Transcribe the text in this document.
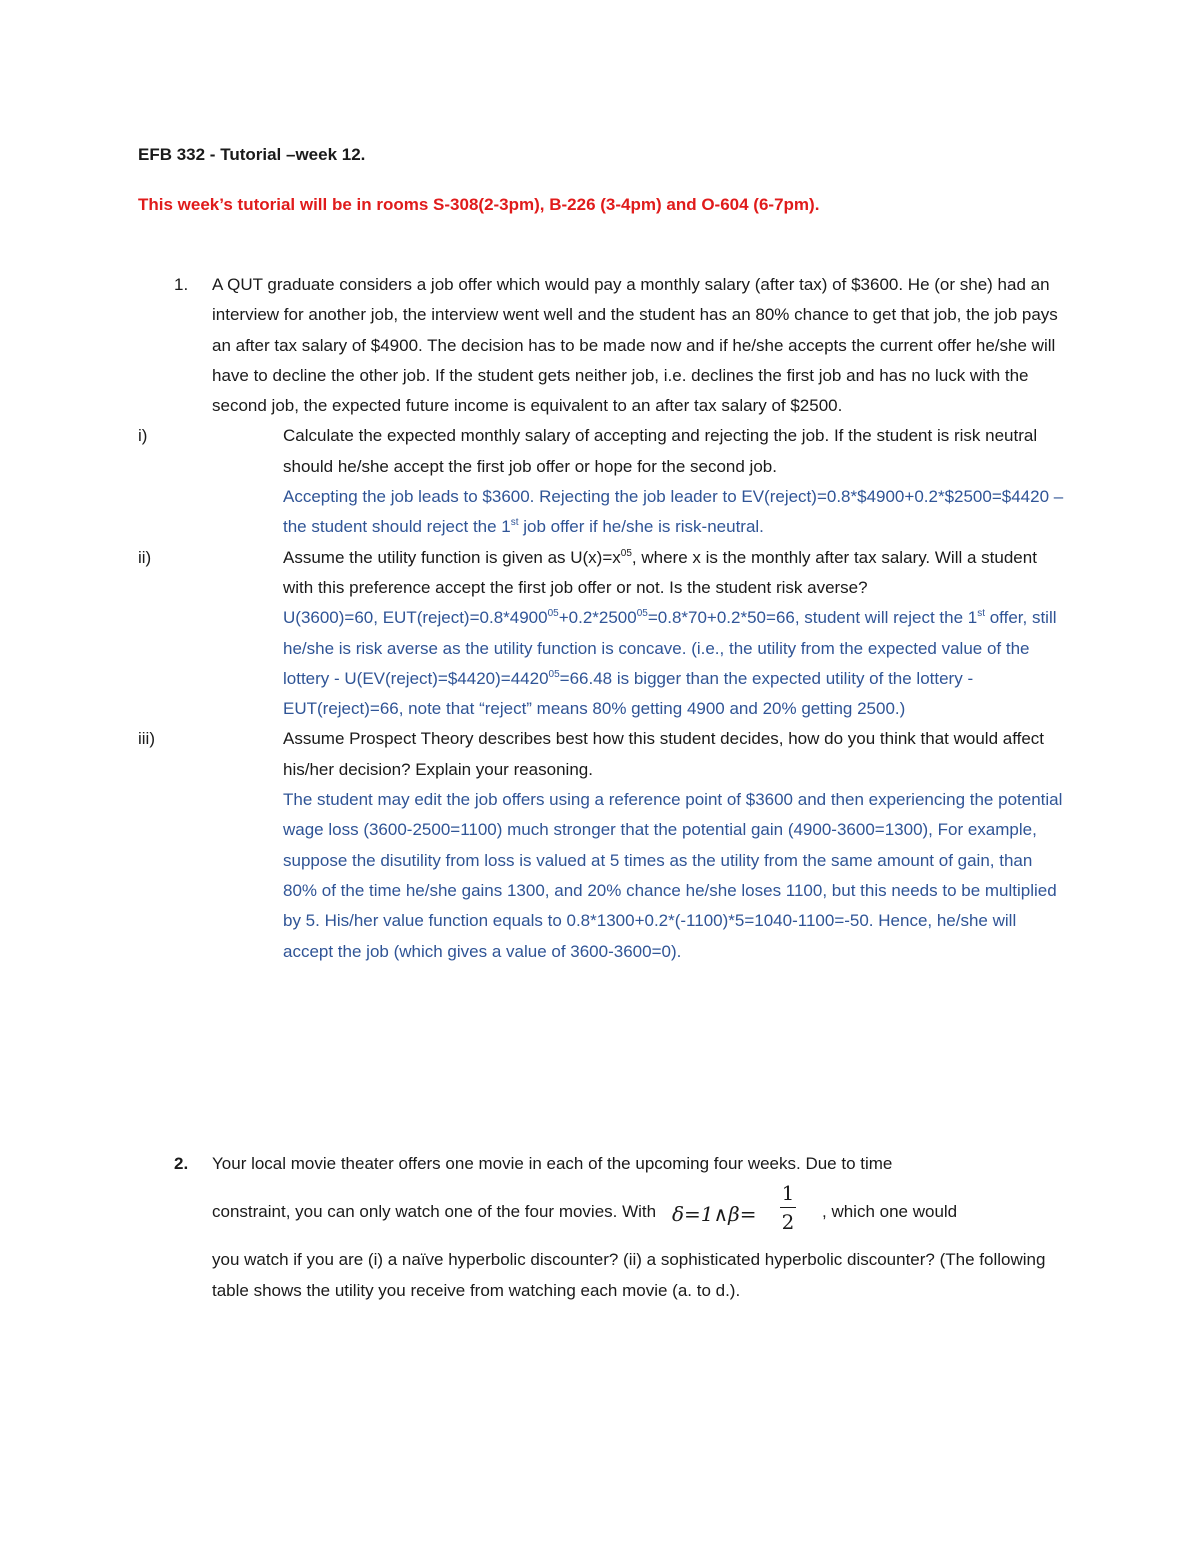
EFB 332 - Tutorial –week 12.

This week’s tutorial will be in rooms S-308(2-3pm), B-226 (3-4pm) and O-604 (6-7pm).

1. A QUT graduate considers a job offer which would pay a monthly salary (after tax) of $3600. He (or she) had an interview for another job, the interview went well and the student has an 80% chance to get that job, the job pays an after tax salary of $4900. The decision has to be made now and if he/she accepts the current offer he/she will have to decline the other job. If the student gets neither job, i.e. declines the first job and has no luck with the second job, the expected future income is equivalent to an after tax salary of $2500.
i)	Calculate the expected monthly salary of accepting and rejecting the job. If the student is risk neutral should he/she accept the first job offer or hope for the second job.
Accepting the job leads to $3600. Rejecting the job leader to EV(reject)=0.8*$4900+0.2*$2500=$4420 – the student should reject the 1st job offer if he/she is risk-neutral.
ii)	Assume the utility function is given as $U(x)=x^{05}$, where x is the monthly after tax salary. Will a student with this preference accept the first job offer or not. Is the student risk averse?
U(3600)=60, $EUT(reject)=0.8*4900^{05}+0.2*2500^{05}=0.8*70+0.2*50=66$, student will reject the 1st offer, still he/she is risk averse as the utility function is concave. (i.e., the utility from the expected value of the lottery - $U(EV(reject)=\$4420)=4420^{05}=66.48$ is bigger than the expected utility of the lottery -EUT(reject)=66, note that “reject” means 80% getting 4900 and 20% getting 2500.)
iii)	Assume Prospect Theory describes best how this student decides, how do you think that would affect his/her decision? Explain your reasoning.
The student may edit the job offers using a reference point of $3600 and then experiencing the potential wage loss (3600-2500=1100) much stronger that the potential gain (4900-3600=1300), For example, suppose the disutility from loss is valued at 5 times as the utility from the same amount of gain, than 80% of the time he/she gains 1300, and 20% chance he/she loses 1100, but this needs to be multiplied by 5. His/her value function equals to 0.8*1300+0.2*(-1100)*5=1040-1100=-50. Hence, he/she will accept the job (which gives a value of 3600-3600=0).
2. Your local movie theater offers one movie in each of the upcoming four weeks. Due to time
constraint, you can only watch one of the four movies. With δ=1∧β=
1
2 , which one would
you watch if you are (i) a naïve hyperbolic discounter? (ii) a sophisticated hyperbolic discounter? (The following table shows the utility you receive from watching each movie (a. to d.).
